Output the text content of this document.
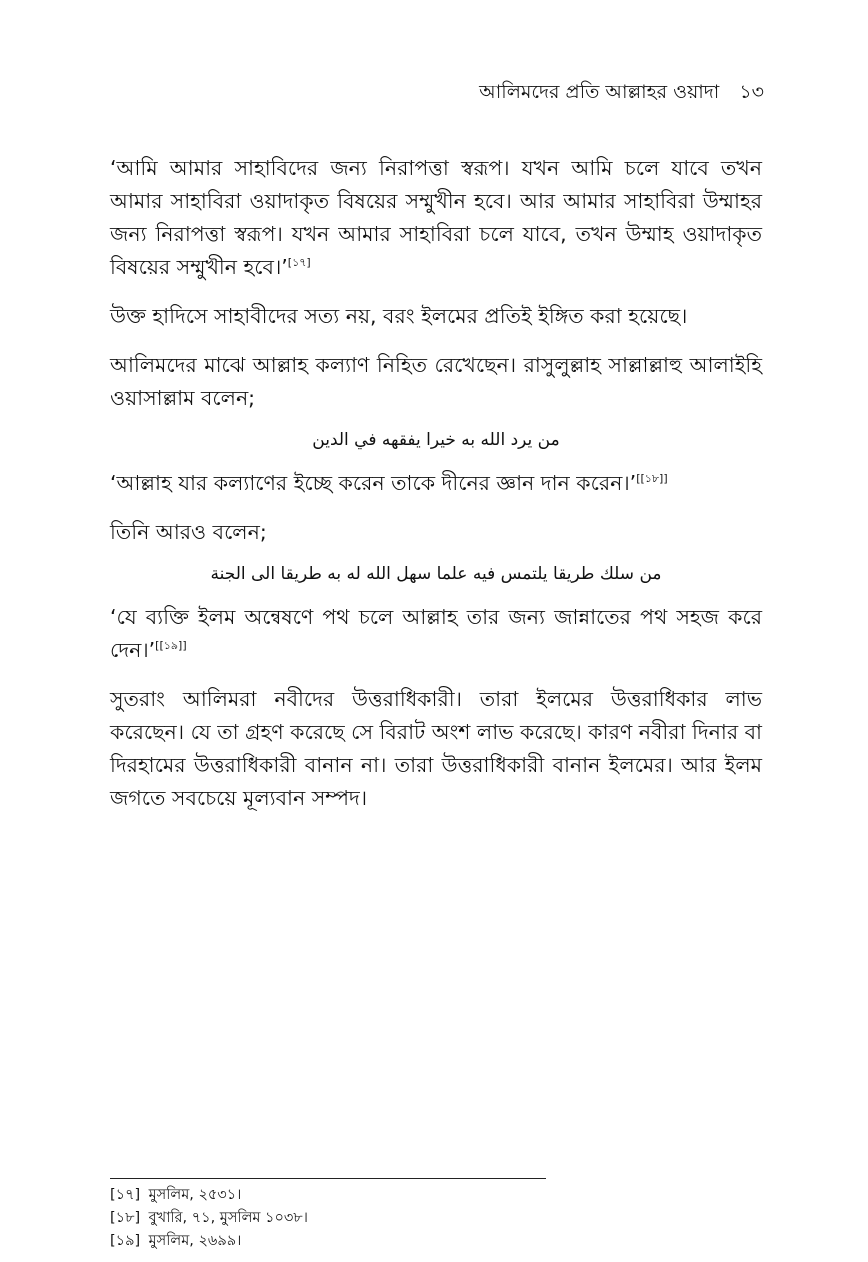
আলিমদের প্রতি আল্লাহর ওয়াদা ১৩

‘আমি আমার সাহাবিদের জন্য নিরাপত্তা স্বরূপ। যখন আমি চলে যাবে তখন আমার সাহাবিরা ওয়াদাকৃত বিষয়ের সম্মুখীন হবে। আর আমার সাহাবিরা উম্মাহর জন্য নিরাপত্তা স্বরূপ। যখন আমার সাহাবিরা চলে যাবে, তখন উম্মাহ ওয়াদাকৃত বিষয়ের সম্মুখীন হবে।’[১৭]

উক্ত হাদিসে সাহাবীদের সত্য নয়, বরং ইলমের প্রতিই ইঙ্গিত করা হয়েছে।

আলিমদের মাঝে আল্লাহ কল্যাণ নিহিত রেখেছেন। রাসুলুল্লাহ সাল্লাল্লাহু আলাইহি ওয়াসাল্লাম বলেন;

من يرد الله به خيرا يفقهه في الدين

‘আল্লাহ যার কল্যাণের ইচ্ছে করেন তাকে দীনের জ্ঞান দান করেন।’[[১৮]]

তিনি আরও বলেন;

من سلك طريقا يلتمس فيه علما سهل الله له به طريقا الى الجنة

‘যে ব্যক্তি ইলম অন্বেষণে পথ চলে আল্লাহ তার জন্য জান্নাতের পথ সহজ করে দেন।’[[১৯]]

সুতরাং আলিমরা নবীদের উত্তরাধিকারী। তারা ইলমের উত্তরাধিকার লাভ করেছেন। যে তা গ্রহণ করেছে সে বিরাট অংশ লাভ করেছে। কারণ নবীরা দিনার বা দিরহামের উত্তরাধিকারী বানান না। তারা উত্তরাধিকারী বানান ইলমের। আর ইলম জগতে সবচেয়ে মূল্যবান সম্পদ।

[১৭] মুসলিম, ২৫৩১।
[১৮] বুখারি, ৭১, মুসলিম ১০৩৮।
[১৯] মুসলিম, ২৬৯৯।
